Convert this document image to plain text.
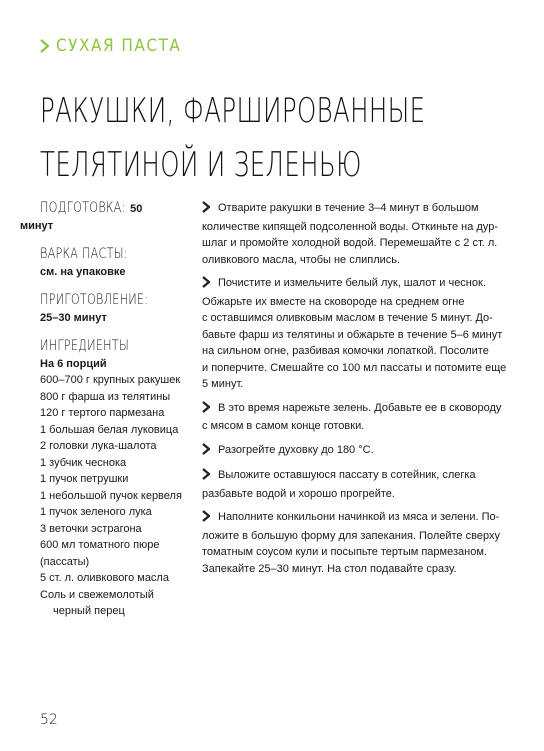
СУХАЯ ПАСТА
РАКУШКИ, ФАРШИРОВАННЫЕ
ТЕЛЯТИНОЙ И ЗЕЛЕНЬЮ
ПОДГОТОВКА: 50 минут
ВАРКА ПАСТЫ:
см. на упаковке
ПРИГОТОВЛЕНИЕ:
25–30 минут
ИНГРЕДИЕНТЫ
На 6 порций
600–700 г крупных ракушек
800 г фарша из телятины
120 г тертого пармезана
1 большая белая луковица
2 головки лука-шалота
1 зубчик чеснока
1 пучок петрушки
1 небольшой пучок кервеля
1 пучок зеленого лука
3 веточки эстрагона
600 мл томатного пюре
(пассаты)
5 ст. л. оливкового масла
Соль и свежемолотый
черный перец
Отварите ракушки в течение 3–4 минут в большом
количестве кипящей подсоленной воды. Откиньте на дур-
шлаг и промойте холодной водой. Перемешайте с 2 ст. л.
оливкового масла, чтобы не слиплись.
Почистите и измельчите белый лук, шалот и чеснок.
Обжарьте их вместе на сковороде на среднем огне
с оставшимся оливковым маслом в течение 5 минут. До-
бавьте фарш из телятины и обжарьте в течение 5–6 минут
на сильном огне, разбивая комочки лопаткой. Посолите
и поперчите. Смешайте со 100 мл пассаты и потомите еще
5 минут.
В это время нарежьте зелень. Добавьте ее в сковороду
с мясом в самом конце готовки.
Разогрейте духовку до 180 °С.
Выложите оставшуюся пассату в сотейник, слегка
разбавьте водой и хорошо прогрейте.
Наполните конкильони начинкой из мяса и зелени. По-
ложите в большую форму для запекания. Полейте сверху
томатным соусом кули и посыпьте тертым пармезаном.
Запекайте 25–30 минут. На стол подавайте сразу.
52
